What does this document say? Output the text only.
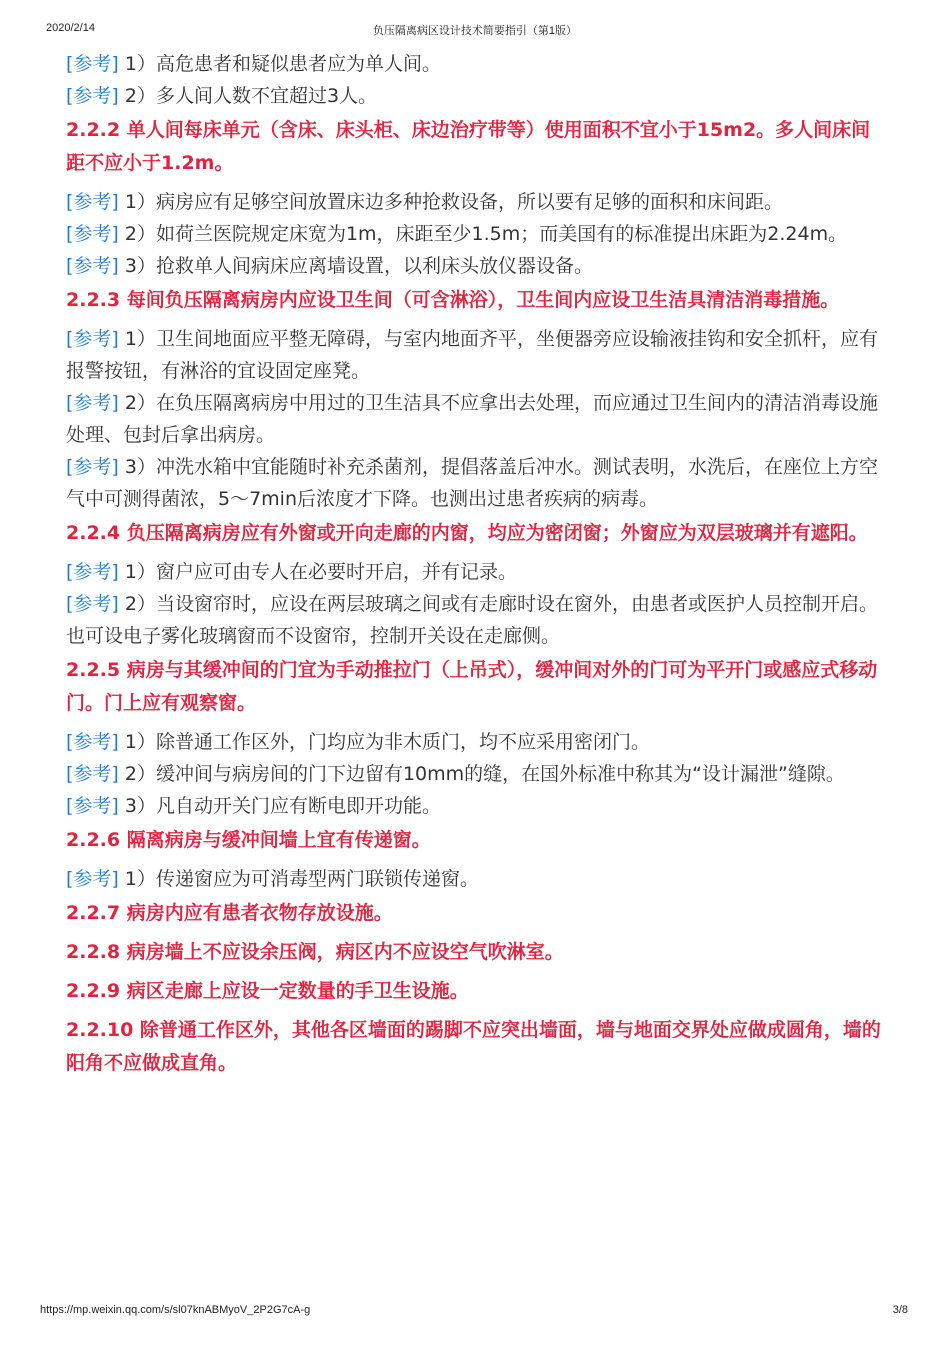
2020/2/14	负压隔离病区设计技术简要指引（第1版）

[参考] 1）高危患者和疑似患者应为单人间。

[参考] 2）多人间人数不宜超过3人。

2.2.2 单人间每床单元（含床、床头柜、床边治疗带等）使用面积不宜小于15m2。多人间床间距不应小于1.2m。

[参考] 1）病房应有足够空间放置床边多种抢救设备，所以要有足够的面积和床间距。

[参考] 2）如荷兰医院规定床宽为1m，床距至少1.5m；而美国有的标准提出床距为2.24m。

[参考] 3）抢救单人间病床应离墙设置，以利床头放仪器设备。

2.2.3 每间负压隔离病房内应设卫生间（可含淋浴），卫生间内应设卫生洁具清洁消毒措施。

[参考] 1）卫生间地面应平整无障碍，与室内地面齐平，坐便器旁应设输液挂钩和安全抓杆，应有报警按钮，有淋浴的宜设固定座凳。

[参考] 2）在负压隔离病房中用过的卫生洁具不应拿出去处理，而应通过卫生间内的清洁消毒设施处理、包封后拿出病房。

[参考] 3）冲洗水箱中宜能随时补充杀菌剂，提倡落盖后冲水。测试表明，水洗后，在座位上方空气中可测得菌浓，5～7min后浓度才下降。也测出过患者疾病的病毒。

2.2.4 负压隔离病房应有外窗或开向走廊的内窗，均应为密闭窗；外窗应为双层玻璃并有遮阳。

[参考] 1）窗户应可由专人在必要时开启，并有记录。

[参考] 2）当设窗帘时，应设在两层玻璃之间或有走廊时设在窗外，由患者或医护人员控制开启。也可设电子雾化玻璃窗而不设窗帘，控制开关设在走廊侧。

2.2.5 病房与其缓冲间的门宜为手动推拉门（上吊式），缓冲间对外的门可为平开门或感应式移动门。门上应有观察窗。

[参考] 1）除普通工作区外，门均应为非木质门，均不应采用密闭门。

[参考] 2）缓冲间与病房间的门下边留有10mm的缝，在国外标准中称其为“设计漏泄”缝隙。

[参考] 3）凡自动开关门应有断电即开功能。

2.2.6 隔离病房与缓冲间墙上宜有传递窗。

[参考] 1）传递窗应为可消毒型两门联锁传递窗。

2.2.7 病房内应有患者衣物存放设施。

2.2.8 病房墙上不应设余压阀，病区内不应设空气吹淋室。

2.2.9 病区走廊上应设一定数量的手卫生设施。

2.2.10 除普通工作区外，其他各区墙面的踢脚不应突出墙面，墙与地面交界处应做成圆角，墙的阳角不应做成直角。

https://mp.weixin.qq.com/s/sl07knABMyoV_2P2G7cA-g	3/8
